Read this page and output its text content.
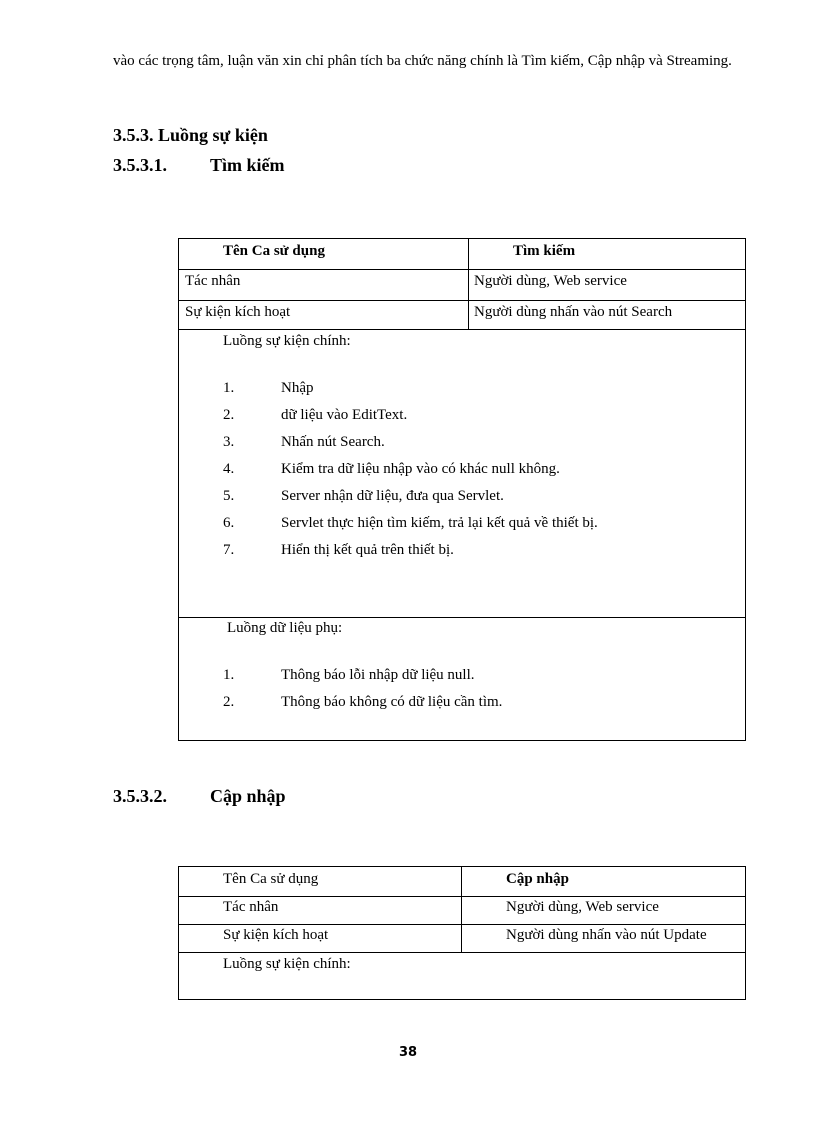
vào các trọng tâm, luận văn xin chỉ phân tích ba chức năng chính là Tìm kiếm, Cập nhập và Streaming.
3.5.3. Luồng sự kiện
3.5.3.1. Tìm kiếm
Tên Ca sử dụng	Tìm kiếm
Tác nhân	Người dùng, Web service
Sự kiện kích hoạt	Người dùng nhấn vào nút Search
Luồng sự kiện chính:
1.	Nhập
2.	dữ liệu vào EditText.
3.	Nhấn nút Search.
4.	Kiểm tra dữ liệu nhập vào có khác null không.
5.	Server nhận dữ liệu, đưa qua Servlet.
6.	Servlet thực hiện tìm kiếm, trả lại kết quả về thiết bị.
7.	Hiển thị kết quả trên thiết bị.
Luồng dữ liệu phụ:
1.	Thông báo lỗi nhập dữ liệu null.
2.	Thông báo không có dữ liệu cần tìm.
3.5.3.2. Cập nhập
Tên Ca sử dụng	Cập nhập
Tác nhân	Người dùng, Web service
Sự kiện kích hoạt	Người dùng nhấn vào nút Update
Luồng sự kiện chính:
38
